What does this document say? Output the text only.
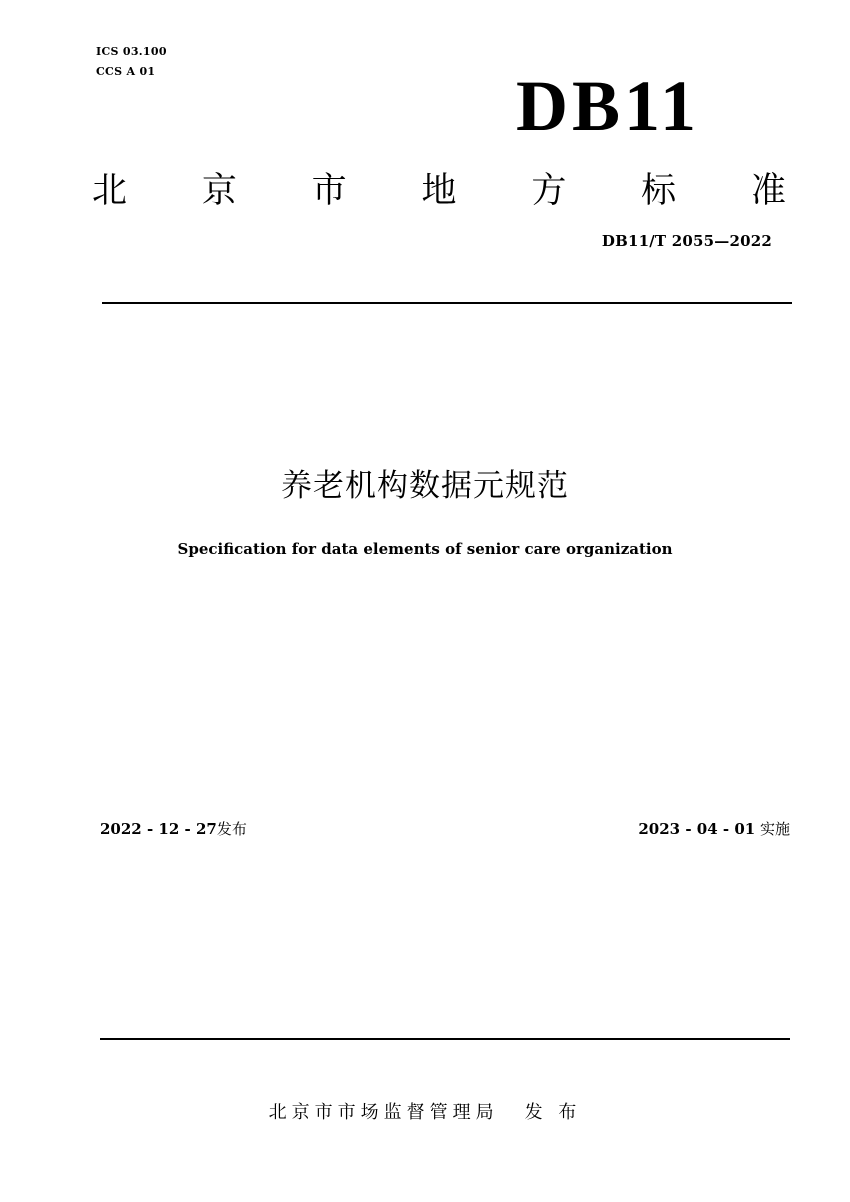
ICS 03.100
CCS A 01	DB11
北 京 市 地 方 标 准
DB11/T 2055—2022
养老机构数据元规范
Specification for data elements of senior care organization
2022 - 12 - 27发布	2023 - 04 - 01 实施
北京市市场监督管理局 发 布
